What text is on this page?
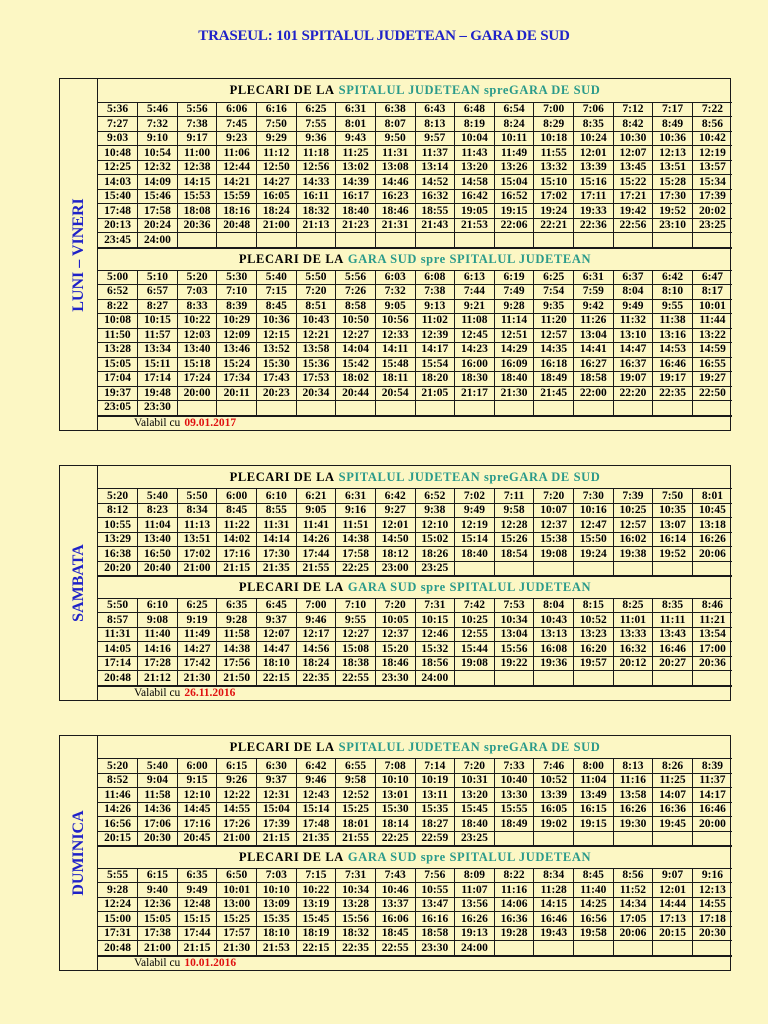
TRASEUL: 101 SPITALUL JUDETEAN – GARA DE SUD
LUNI – VINERI
PLECARI DE LA SPITALUL JUDETEAN spreGARA DE SUD
5:36	5:46	5:56	6:06	6:16	6:25	6:31	6:38	6:43	6:48	6:54	7:00	7:06	7:12	7:17	7:22
7:27	7:32	7:38	7:45	7:50	7:55	8:01	8:07	8:13	8:19	8:24	8:29	8:35	8:42	8:49	8:56
9:03	9:10	9:17	9:23	9:29	9:36	9:43	9:50	9:57	10:04	10:11	10:18	10:24	10:30	10:36	10:42
10:48	10:54	11:00	11:06	11:12	11:18	11:25	11:31	11:37	11:43	11:49	11:55	12:01	12:07	12:13	12:19
12:25	12:32	12:38	12:44	12:50	12:56	13:02	13:08	13:14	13:20	13:26	13:32	13:39	13:45	13:51	13:57
14:03	14:09	14:15	14:21	14:27	14:33	14:39	14:46	14:52	14:58	15:04	15:10	15:16	15:22	15:28	15:34
15:40	15:46	15:53	15:59	16:05	16:11	16:17	16:23	16:32	16:42	16:52	17:02	17:11	17:21	17:30	17:39
17:48	17:58	18:08	18:16	18:24	18:32	18:40	18:46	18:55	19:05	19:15	19:24	19:33	19:42	19:52	20:02
20:13	20:24	20:36	20:48	21:00	21:13	21:23	21:31	21:43	21:53	22:06	22:21	22:36	22:56	23:10	23:25
23:45	24:00														
PLECARI DE LA GARA SUD spre SPITALUL JUDETEAN
5:00	5:10	5:20	5:30	5:40	5:50	5:56	6:03	6:08	6:13	6:19	6:25	6:31	6:37	6:42	6:47
6:52	6:57	7:03	7:10	7:15	7:20	7:26	7:32	7:38	7:44	7:49	7:54	7:59	8:04	8:10	8:17
8:22	8:27	8:33	8:39	8:45	8:51	8:58	9:05	9:13	9:21	9:28	9:35	9:42	9:49	9:55	10:01
10:08	10:15	10:22	10:29	10:36	10:43	10:50	10:56	11:02	11:08	11:14	11:20	11:26	11:32	11:38	11:44
11:50	11:57	12:03	12:09	12:15	12:21	12:27	12:33	12:39	12:45	12:51	12:57	13:04	13:10	13:16	13:22
13:28	13:34	13:40	13:46	13:52	13:58	14:04	14:11	14:17	14:23	14:29	14:35	14:41	14:47	14:53	14:59
15:05	15:11	15:18	15:24	15:30	15:36	15:42	15:48	15:54	16:00	16:09	16:18	16:27	16:37	16:46	16:55
17:04	17:14	17:24	17:34	17:43	17:53	18:02	18:11	18:20	18:30	18:40	18:49	18:58	19:07	19:17	19:27
19:37	19:48	20:00	20:11	20:23	20:34	20:44	20:54	21:05	21:17	21:30	21:45	22:00	22:20	22:35	22:50
23:05	23:30														
Valabil cu 09.01.2017
SAMBATA
PLECARI DE LA SPITALUL JUDETEAN spreGARA DE SUD
5:20	5:40	5:50	6:00	6:10	6:21	6:31	6:42	6:52	7:02	7:11	7:20	7:30	7:39	7:50	8:01
8:12	8:23	8:34	8:45	8:55	9:05	9:16	9:27	9:38	9:49	9:58	10:07	10:16	10:25	10:35	10:45
10:55	11:04	11:13	11:22	11:31	11:41	11:51	12:01	12:10	12:19	12:28	12:37	12:47	12:57	13:07	13:18
13:29	13:40	13:51	14:02	14:14	14:26	14:38	14:50	15:02	15:14	15:26	15:38	15:50	16:02	16:14	16:26
16:38	16:50	17:02	17:16	17:30	17:44	17:58	18:12	18:26	18:40	18:54	19:08	19:24	19:38	19:52	20:06
20:20	20:40	21:00	21:15	21:35	21:55	22:25	23:00	23:25							
PLECARI DE LA GARA SUD spre SPITALUL JUDETEAN
5:50	6:10	6:25	6:35	6:45	7:00	7:10	7:20	7:31	7:42	7:53	8:04	8:15	8:25	8:35	8:46
8:57	9:08	9:19	9:28	9:37	9:46	9:55	10:05	10:15	10:25	10:34	10:43	10:52	11:01	11:11	11:21
11:31	11:40	11:49	11:58	12:07	12:17	12:27	12:37	12:46	12:55	13:04	13:13	13:23	13:33	13:43	13:54
14:05	14:16	14:27	14:38	14:47	14:56	15:08	15:20	15:32	15:44	15:56	16:08	16:20	16:32	16:46	17:00
17:14	17:28	17:42	17:56	18:10	18:24	18:38	18:46	18:56	19:08	19:22	19:36	19:57	20:12	20:27	20:36
20:48	21:12	21:30	21:50	22:15	22:35	22:55	23:30	24:00							
Valabil cu 26.11.2016
DUMINICA
PLECARI DE LA SPITALUL JUDETEAN spreGARA DE SUD
5:20	5:40	6:00	6:15	6:30	6:42	6:55	7:08	7:14	7:20	7:33	7:46	8:00	8:13	8:26	8:39
8:52	9:04	9:15	9:26	9:37	9:46	9:58	10:10	10:19	10:31	10:40	10:52	11:04	11:16	11:25	11:37
11:46	11:58	12:10	12:22	12:31	12:43	12:52	13:01	13:11	13:20	13:30	13:39	13:49	13:58	14:07	14:17
14:26	14:36	14:45	14:55	15:04	15:14	15:25	15:30	15:35	15:45	15:55	16:05	16:15	16:26	16:36	16:46
16:56	17:06	17:16	17:26	17:39	17:48	18:01	18:14	18:27	18:40	18:49	19:02	19:15	19:30	19:45	20:00
20:15	20:30	20:45	21:00	21:15	21:35	21:55	22:25	22:59	23:25						
PLECARI DE LA GARA SUD spre SPITALUL JUDETEAN
5:55	6:15	6:35	6:50	7:03	7:15	7:31	7:43	7:56	8:09	8:22	8:34	8:45	8:56	9:07	9:16
9:28	9:40	9:49	10:01	10:10	10:22	10:34	10:46	10:55	11:07	11:16	11:28	11:40	11:52	12:01	12:13
12:24	12:36	12:48	13:00	13:09	13:19	13:28	13:37	13:47	13:56	14:06	14:15	14:25	14:34	14:44	14:55
15:00	15:05	15:15	15:25	15:35	15:45	15:56	16:06	16:16	16:26	16:36	16:46	16:56	17:05	17:13	17:18
17:31	17:38	17:44	17:57	18:10	18:19	18:32	18:45	18:58	19:13	19:28	19:43	19:58	20:06	20:15	20:30
20:48	21:00	21:15	21:30	21:53	22:15	22:35	22:55	23:30	24:00						
Valabil cu 10.01.2016
